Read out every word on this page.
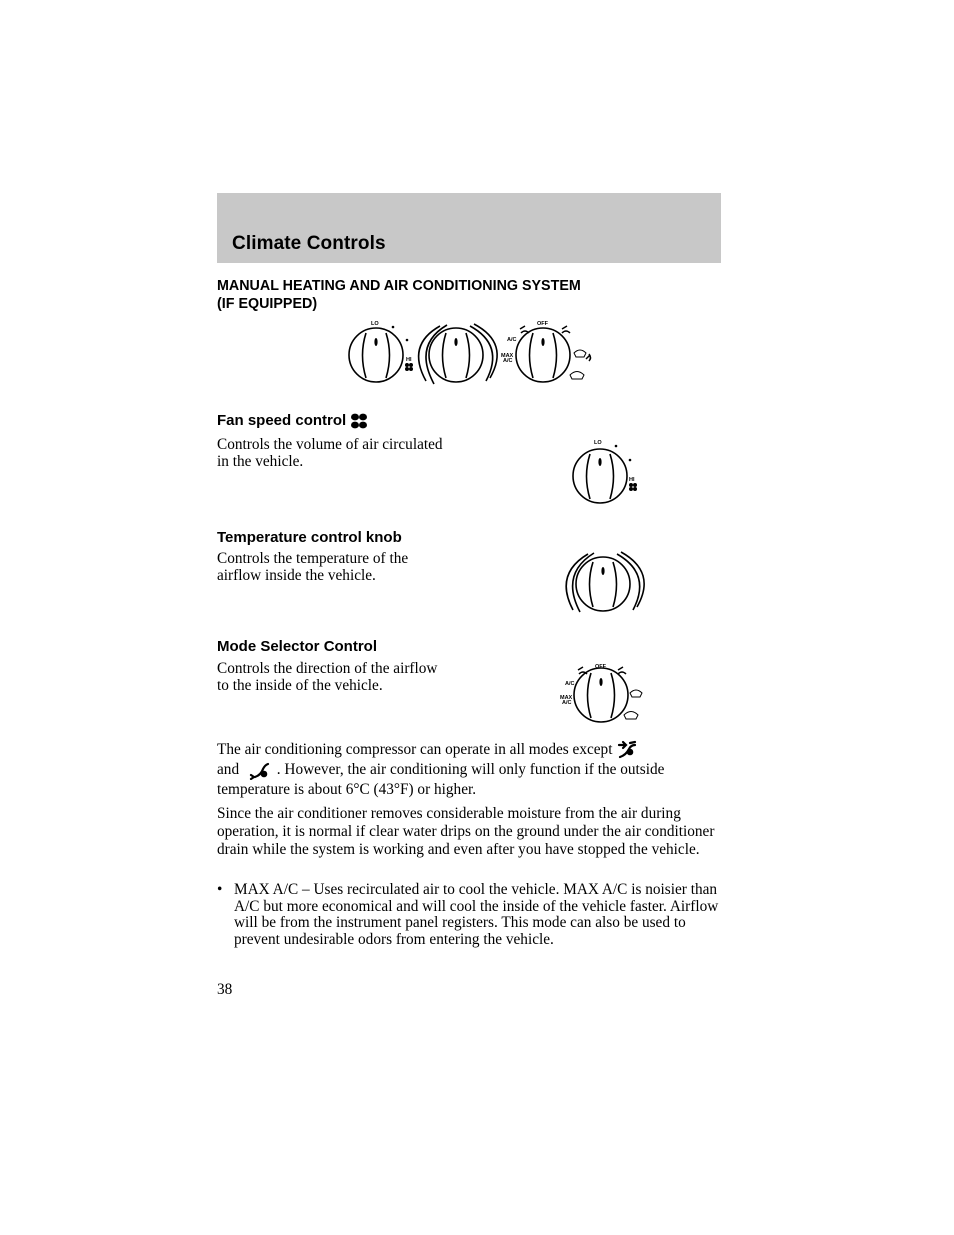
Climate Controls
MANUAL HEATING AND AIR CONDITIONING SYSTEM
(IF EQUIPPED)
LO
HI
OFF
A/C
MAX
A/C
Fan speed control
Controls the volume of air circulated
in the vehicle.
LO
HI
Temperature control knob
Controls the temperature of the
airflow inside the vehicle.
Mode Selector Control
Controls the direction of the airflow
to the inside of the vehicle.
OFF
A/C
MAX
A/C
The air conditioning compressor can operate in all modes except
and . However, the air conditioning will only function if the outside
temperature is about 6°C (43°F) or higher.
Since the air conditioner removes considerable moisture from the air during operation, it is normal if clear water drips on the ground under the air conditioner drain while the system is working and even after you have stopped the vehicle.
• MAX A/C – Uses recirculated air to cool the vehicle. MAX A/C is noisier than A/C but more economical and will cool the inside of the vehicle faster. Airflow will be from the instrument panel registers. This mode can also be used to prevent undesirable odors from entering the vehicle.
38
